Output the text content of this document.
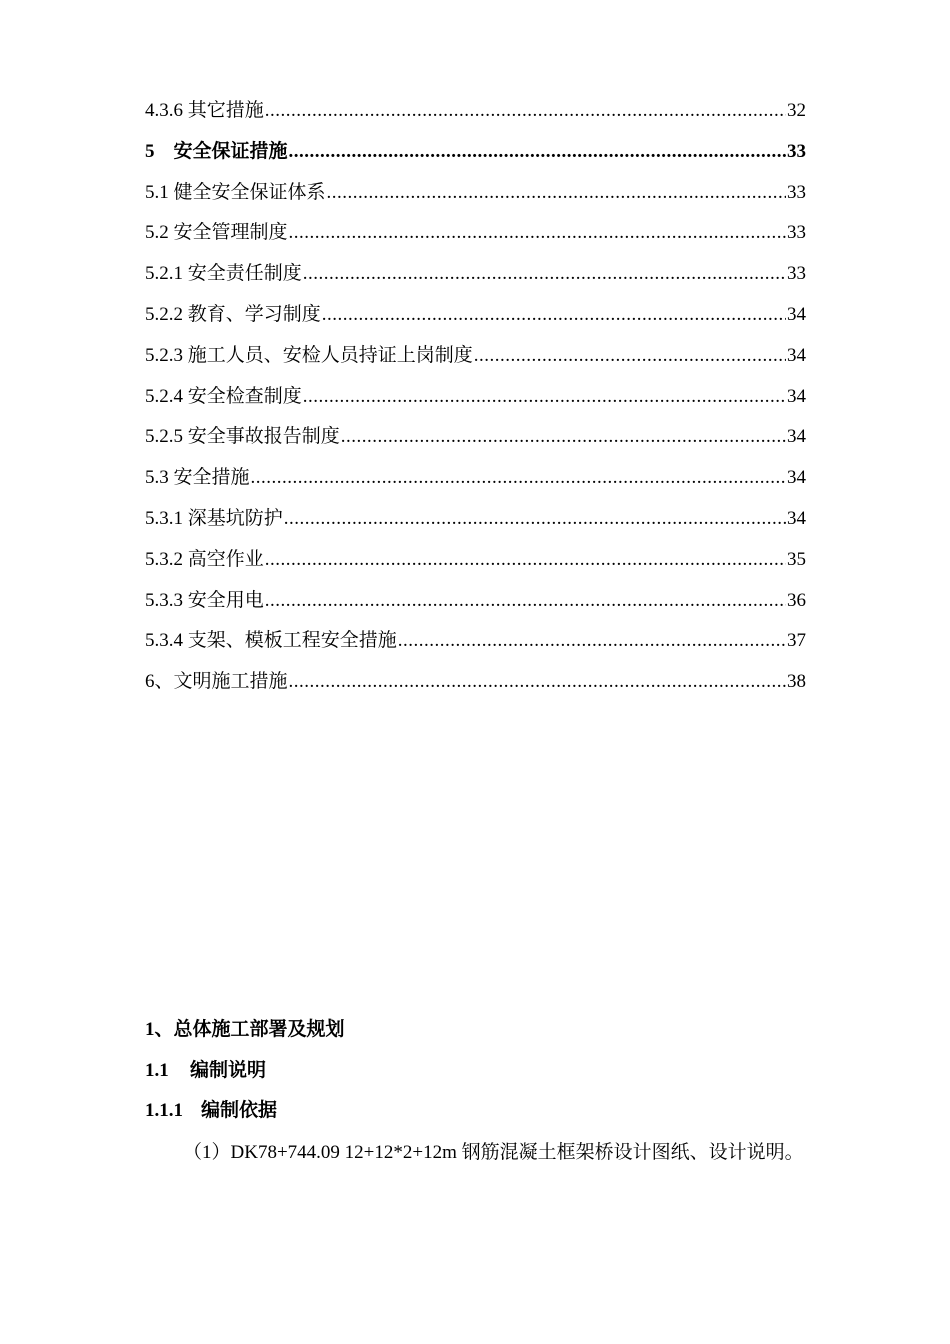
4.3.6 其它措施 .....	32
5    安全保证措施 .....	33
5.1 健全安全保证体系 .....	33
5.2 安全管理制度 .....	33
5.2.1 安全责任制度 .....	33
5.2.2 教育、学习制度 .....	34
5.2.3 施工人员、安检人员持证上岗制度 .....	34
5.2.4 安全检查制度 .....	34
5.2.5 安全事故报告制度 .....	34
5.3 安全措施 .....	34
5.3.1 深基坑防护 .....	34
5.3.2 高空作业 .....	35
5.3.3 安全用电 .....	36
5.3.4 支架、模板工程安全措施 .....	37
6、文明施工措施 .....	38
1、总体施工部署及规划
1.1 编制说明
1.1.1 编制依据

（1）DK78+744.09 12+12*2+12m 钢筋混凝土框架桥设计图纸、设计说明。
